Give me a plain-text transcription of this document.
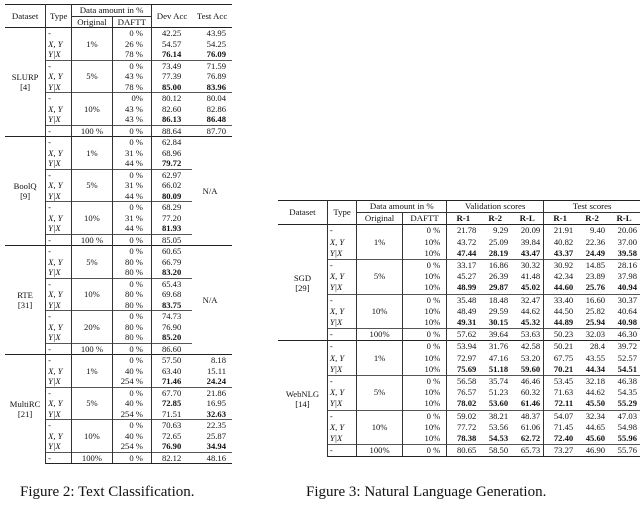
Dataset	Type	Data amount in %		Dev Acc	Test Acc
		Original	DAFTT		

SLURP
[4]	-	1%	0 %	42.25	43.95
	X, Y		26 %	54.57	54.25
	Y|X		78 %	76.14	76.09
	-	5%	0 %	73.49	71.59
	X, Y		43 %	77.39	76.89
	Y|X		78 %	85.00	83.96
	-	10%	0%	80.12	80.04
	X, Y		43 %	82.60	82.86
	Y|X		43 %	86.13	86.48
	-	100 %	0 %	88.64	87.70

BoolQ
[9]	-	1%	0 %	62.84	N/A
	X, Y		31 %	68.96	
	Y|X		44 %	79.72	
	-	5%	0 %	62.97	
	X, Y		31 %	66.02	
	Y|X		44 %	80.09	
	-	10%	0 %	68.29	
	X, Y		31 %	77.20	
	Y|X		44 %	81.93	
	-	100 %	0 %	85.05	

RTE
[31]	-	5%	0 %	60.65	N/A
	X, Y		80 %	66.79	
	Y|X		80 %	83.20	
	-	10%	0 %	65.43	
	X, Y		80 %	69.68	
	Y|X		80 %	83.75	
	-	20%	0 %	74.73	
	X, Y		80 %	76.90	
	Y|X		80 %	85.20	
	-	100 %	0 %	86.60	

MultiRC
[21]	-	1%	0 %	57.50	8.18
	X, Y		40 %	63.40	15.11
	Y|X		254 %	71.46	24.24
	-	5%	0 %	67.70	21.86
	X, Y		40 %	72.85	16.95
	Y|X		254 %	71.51	32.63
	-	10%	0 %	70.63	22.35
	X, Y		40 %	72.65	25.87
	Y|X		254 %	76.90	34.94
	-	100%	0 %	82.12	48.16
Dataset	Type	Data amount in %		Validation scores			Test scores		
		Original	DAFTT	R-1	R-2	R-L	R-1	R-2	R-L

SGD
[29]	-	1%	0 %	21.78	9.29	20.09	21.91	9.40	20.06
	X, Y		10%	43.72	25.09	39.84	40.82	22.36	37.00
	Y|X		10%	47.44	28.19	43.47	43.37	24.49	39.58
	-	5%	0 %	33.17	16.86	30.32	30.92	14.85	28.16
	X, Y		10%	45.27	26.39	41.48	42.34	23.89	37.98
	Y|X		10%	48.99	29.87	45.02	44.60	25.76	40.94
	-	10%	0 %	35.48	18.48	32.47	33.40	16.60	30.37
	X, Y		10%	48.49	29.59	44.62	44.50	25.82	40.64
	Y|X		10%	49.31	30.15	45.32	44.89	25.94	40.98
	-	100%	0 %	57.62	39.64	53.63	50.23	32.03	46.30

WebNLG
[14]	-	1%	0 %	53.94	31.76	42.58	50.21	28.4	39.72
	X, Y		10%	72.97	47.16	53.20	67.75	43.55	52.57
	Y|X		10%	75.69	51.18	59.60	70.21	44.34	54.51
	-	5%	0 %	56.58	35.74	46.46	53.45	32.18	46.38
	X, Y		10%	76.57	51.23	60.32	71.63	44.62	54.35
	Y|X		10%	78.02	53.60	61.46	72.11	45.50	55.29
	-	10%	0 %	59.02	38.21	48.37	54.07	32.34	47.03
	X, Y		10%	77.72	53.56	61.06	71.45	44.65	54.98
	Y|X		10%	78.38	54.53	62.72	72.40	45.60	55.96
	-	100%	0 %	80.65	58.50	65.73	73.27	46.90	55.76
Figure 2: Text Classification.	Figure 3: Natural Language Generation.
